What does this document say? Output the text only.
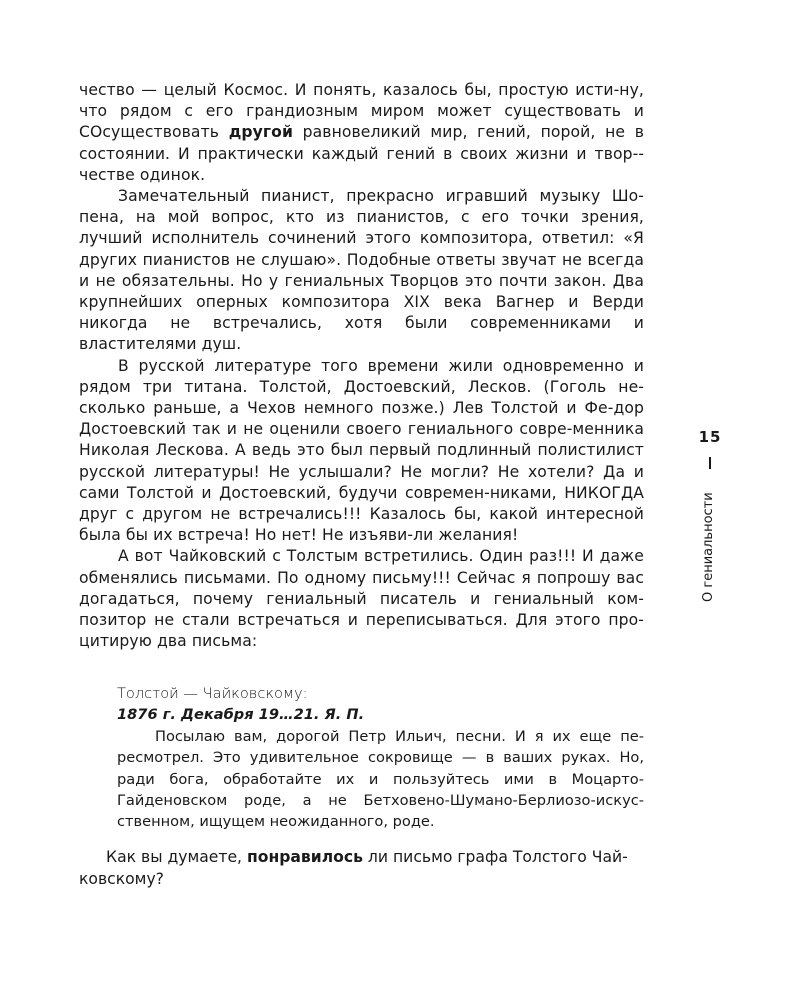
чество — целый Космос. И понять, казалось бы, простую исти-ну, что рядом с его грандиозным миром может существовать и СОсуществовать другой равновеликий мир, гений, порой, не в состоянии. И практически каждый гений в своих жизни и твор-честве одинок.

Замечательный пианист, прекрасно игравший музыку Шо-пена, на мой вопрос, кто из пианистов, с его точки зрения, лучший исполнитель сочинений этого композитора, ответил: «Я других пианистов не слушаю». Подобные ответы звучат не всегда и не обязательны. Но у гениальных Творцов это почти закон. Два крупнейших оперных композитора XIX века Вагнер и Верди никогда не встречались, хотя были современниками и властителями душ.

В русской литературе того времени жили одновременно и рядом три титана. Толстой, Достоевский, Лесков. (Гоголь не-сколько раньше, а Чехов немного позже.) Лев Толстой и Фе-дор Достоевский так и не оценили своего гениального совре-менника Николая Лескова. А ведь это был первый подлинный полистилист русской литературы! Не услышали? Не могли? Не хотели? Да и сами Толстой и Достоевский, будучи современ-никами, НИКОГДА друг с другом не встречались!!! Казалось бы, какой интересной была бы их встреча! Но нет! Не изъяви-ли желания!

А вот Чайковский с Толстым встретились. Один раз!!! И даже обменялись письмами. По одному письму!!! Сейчас я попрошу вас догадаться, почему гениальный писатель и гениальный ком-позитор не стали встречаться и переписываться. Для этого про-цитирую два письма:

Толстой — Чайковскому:

1876 г. Декабря 19…21. Я. П.

Посылаю вам, дорогой Петр Ильич, песни. И я их еще пе-ресмотрел. Это удивительное сокровище — в ваших руках. Но, ради бога, обработайте их и пользуйтесь ими в Моцарто-Гайденовском роде, а не Бетховено-Шумано-Берлиозо-искус-ственном, ищущем неожиданного, роде.

Как вы думаете, понравилось ли письмо графа Толстого Чай-ковскому?

15
О гениальности
